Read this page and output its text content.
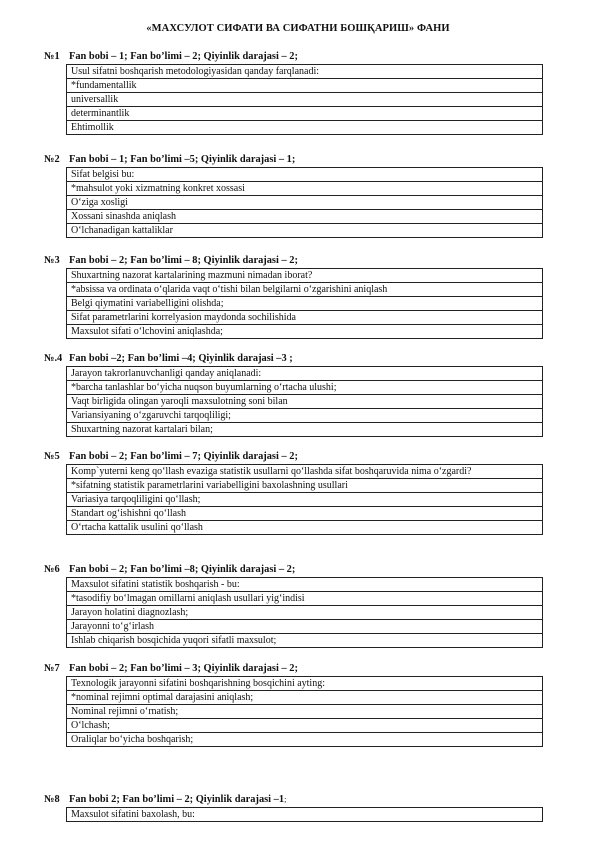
«МАХСУЛОТ СИФАТИ ВА СИФАТНИ БОШҚАРИШ» ФАНИ
№1 Fan bobi – 1; Fan bo’limi – 2; Qiyinlik darajasi – 2;
Usul sifatni boshqarish metodologiyasidan qanday farqlanadi:
*fundamentallik
universallik
determinantlik
Ehtimollik
№2 Fan bobi – 1; Fan bo’limi –5; Qiyinlik darajasi – 1;
Sifat belgisi bu:
*mahsulot yoki xizmatning konkret xossasi
O‘ziga xosligi
Xossani sinashda aniqlash
O‘lchanadigan kattaliklar
№3 Fan bobi – 2; Fan bo’limi – 8; Qiyinlik darajasi – 2;
Shuxartning nazorat kartalarining mazmuni nimadan iborat?
*absissa va ordinata o‘qlarida vaqt o‘tishi bilan belgilarni o‘zgarishini aniqlash
Belgi qiymatini variabelligini olishda;
Sifat parametrlarini korrelyasion maydonda sochilishida
Maxsulot sifati o‘lchovini aniqlashda;
№.4 Fan bobi –2; Fan bo’limi –4; Qiyinlik darajasi –3 ;
Jarayon takrorlanuvchanligi qanday aniqlanadi:
*barcha tanlashlar bo‘yicha nuqson buyumlarning o‘rtacha ulushi;
Vaqt birligida olingan yaroqli maxsulotning soni bilan
Variansiyaning o‘zgaruvchi tarqoqliligi;
Shuxartning nazorat kartalari bilan;
№5 Fan bobi – 2; Fan bo’limi – 7; Qiyinlik darajasi – 2;
Komp`yuterni keng qo‘llash evaziga statistik usullarni qo‘llashda sifat boshqaruvida nima o‘zgardi?
*sifatning statistik parametrlarini variabelligini baxolashning usullari
Variasiya tarqoqliligini qo‘llash;
Standart og‘ishishni qo‘llash
O‘rtacha kattalik usulini qo‘llash
№6 Fan bobi – 2; Fan bo’limi –8; Qiyinlik darajasi – 2;
Maxsulot sifatini statistik boshqarish - bu:
*tasodifiy bo‘lmagan omillarni aniqlash usullari yig‘indisi
Jarayon holatini diagnozlash;
Jarayonni to‘g‘irlash
Ishlab chiqarish bosqichida yuqori sifatli maxsulot;
№7 Fan bobi – 2; Fan bo’limi – 3; Qiyinlik darajasi – 2;
Texnologik jarayonni sifatini boshqarishning bosqichini ayting:
*nominal rejimni optimal darajasini aniqlash;
Nominal rejimni o‘rnatish;
O‘lchash;
Oraliqlar bo‘yicha boshqarish;
№8 Fan bobi 2; Fan bo’limi – 2; Qiyinlik darajasi –1;
Maxsulot sifatini baxolash, bu:
